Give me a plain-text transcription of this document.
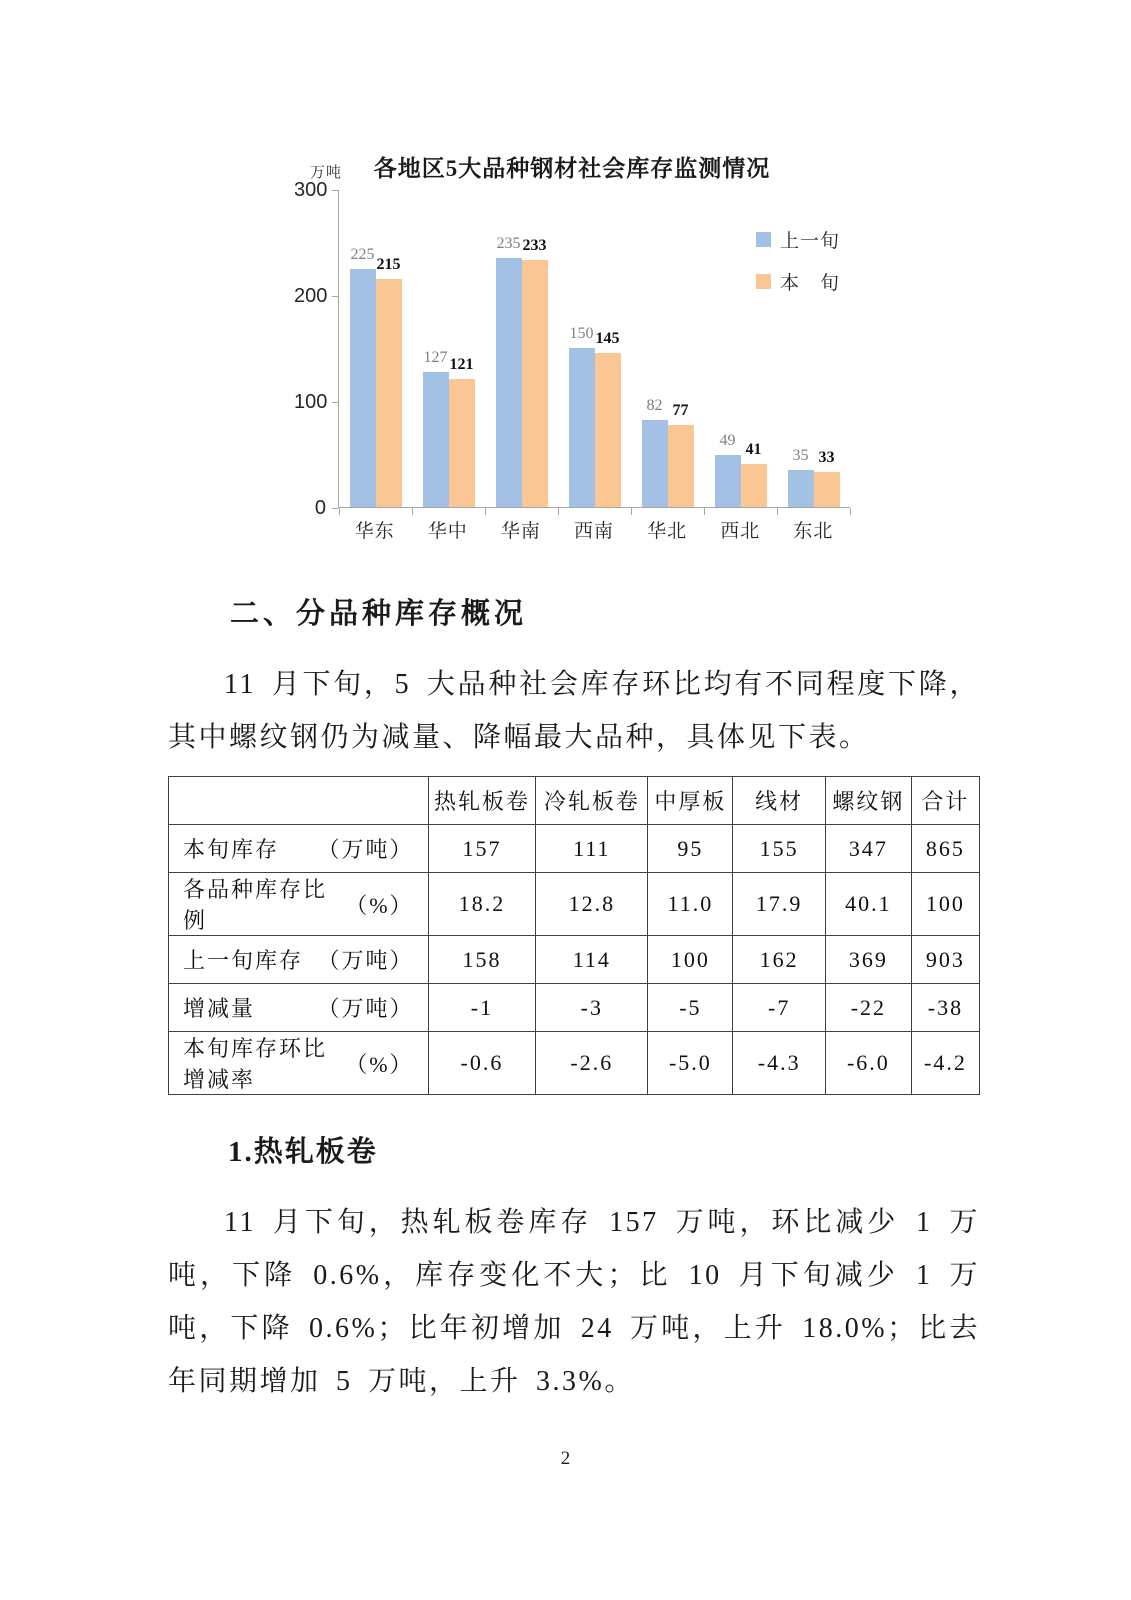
万吨	各地区5大品种钢材社会库存监测情况
300
200
100
0
上一旬
本　旬
225
215
127 121
235 233
150 145
82 77
49 41 35 33
华东	华中	华南	西南	华北	西北	东北
二、分品种库存概况

11 月下旬，5 大品种社会库存环比均有不同程度下降，其中螺纹钢仍为减量、降幅最大品种，具体见下表。

	热轧板卷	冷轧板卷	中厚板	线材	螺纹钢	合计

本旬库存 （万吨）	157	111	95	155	347	865

各品种库存比例
（%）	18.2	12.8	11.0	17.9	40.1	100

上一旬库存 （万吨）	158	114	100	162	369	903

增减量 （万吨）	-1	-3	-5	-7	-22	-38

本旬库存环比增减率
（%）	-0.6	-2.6	-5.0	-4.3	-6.0	-4.2
1.热轧板卷

11 月下旬，热轧板卷库存 157 万吨，环比减少 1 万吨，下降 0.6%，库存变化不大；比 10 月下旬减少 1 万吨，下降 0.6%；比年初增加 24 万吨，上升 18.0%；比去年同期增加 5 万吨，上升 3.3%。

2
